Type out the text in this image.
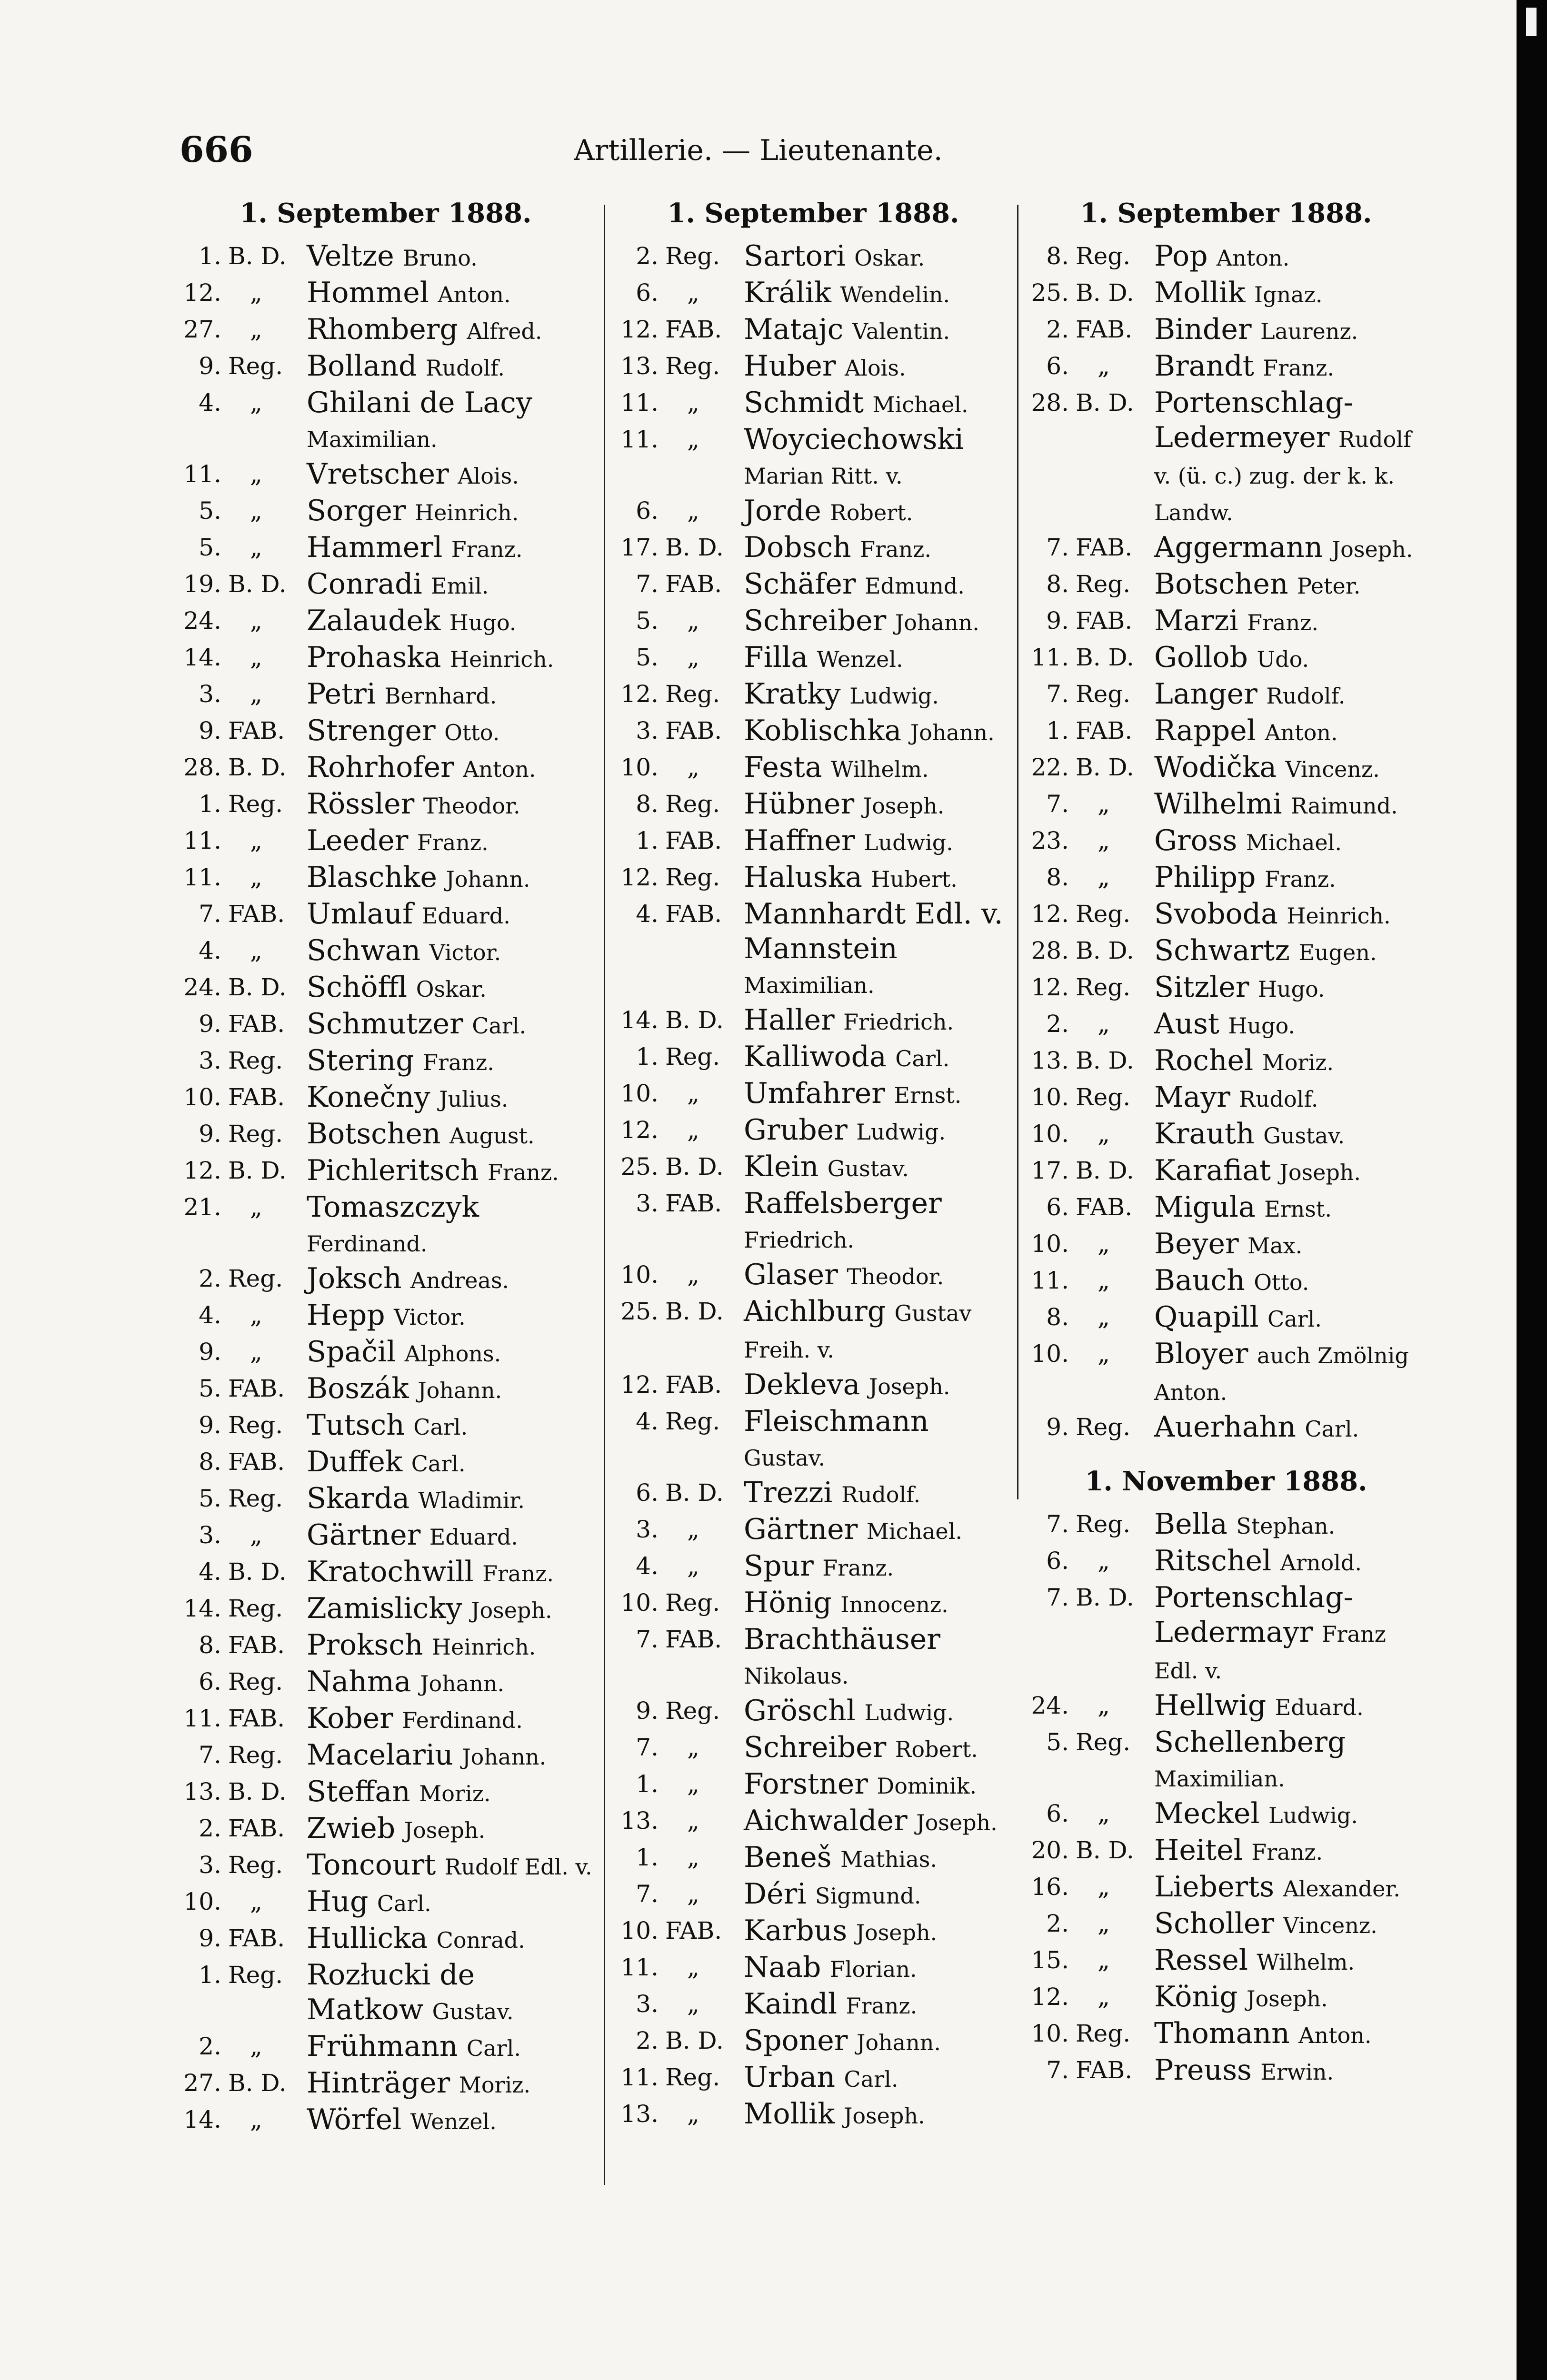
666	Artillerie. — Lieutenante.
1. September 1888.
1. B. D. Veltze Bruno.
12.	„	Hommel Anton.
27.	„	Rhomberg Alfred.
9. Reg. Bolland Rudolf.
4.	„	Ghilani de Lacy Maximilian.
11.	„	Vretscher Alois.
5.	„	Sorger Heinrich.
5.	„	Hammerl Franz.
19. B. D. Conradi Emil.
24.	„	Zalaudek Hugo.
14.	„	Prohaska Heinrich.
3.	„	Petri Bernhard.
9. FAB. Strenger Otto.
28. B. D. Rohrhofer Anton.
1. Reg. Rössler Theodor.
11.	„	Leeder Franz.
11.	„	Blaschke Johann.
7. FAB. Umlauf Eduard.
4.	„	Schwan Victor.
24. B. D. Schöffl Oskar.
9. FAB. Schmutzer Carl.
3. Reg. Stering Franz.
10. FAB. Konečny Julius.
9. Reg. Botschen August.
12. B. D. Pichleritsch Franz.
21.	„	Tomaszczyk Ferdinand.
2. Reg. Joksch Andreas.
4.	„	Hepp Victor.
9.	„	Spačil Alphons.
5. FAB. Boszák Johann.
9. Reg. Tutsch Carl.
8. FAB. Duffek Carl.
5. Reg. Skarda Wladimir.
3.	„	Gärtner Eduard.
4. B. D. Kratochwill Franz.
14. Reg. Zamislicky Joseph.
8. FAB. Proksch Heinrich.
6. Reg. Nahma Johann.
11. FAB. Kober Ferdinand.
7. Reg. Macelariu Johann.
13. B. D. Steffan Moriz.
2. FAB. Zwieb Joseph.
3. Reg. Toncourt Rudolf Edl. v.
10.	„	Hug Carl.
9. FAB. Hullicka Conrad.
1. Reg. Rozłucki de Matkow Gustav.
2.	„	Frühmann Carl.
27. B. D. Hinträger Moriz.
14.	„	Wörfel Wenzel.
1. September 1888.
2. Reg. Sartori Oskar.
6.	„	Králik Wendelin.
12. FAB. Matajc Valentin.
13. Reg. Huber Alois.
11.	„	Schmidt Michael.
11.	„	Woyciechowski Marian Ritt. v.
6.	„	Jorde Robert.
17. B. D. Dobsch Franz.
7. FAB. Schäfer Edmund.
5.	„	Schreiber Johann.
5.	„	Filla Wenzel.
12. Reg. Kratky Ludwig.
3. FAB. Koblischka Johann.
10.	„	Festa Wilhelm.
8. Reg. Hübner Joseph.
1. FAB. Haffner Ludwig.
12. Reg. Haluska Hubert.
4. FAB. Mannhardt Edl. v. Mannstein Maximilian.
14. B. D. Haller Friedrich.
1. Reg. Kalliwoda Carl.
10.	„	Umfahrer Ernst.
12.	„	Gruber Ludwig.
25. B. D. Klein Gustav.
3. FAB. Raffelsberger Friedrich.
10.	„	Glaser Theodor.
25. B. D. Aichlburg Gustav Freih. v.
12. FAB. Dekleva Joseph.
4. Reg. Fleischmann Gustav.
6. B. D. Trezzi Rudolf.
3.	„	Gärtner Michael.
4.	„	Spur Franz.
10. Reg. Hönig Innocenz.
7. FAB. Brachthäuser Nikolaus.
9. Reg. Gröschl Ludwig.
7.	„	Schreiber Robert.
1.	„	Forstner Dominik.
13.	„	Aichwalder Joseph.
1.	„	Beneš Mathias.
7.	„	Déri Sigmund.
10. FAB. Karbus Joseph.
11.	„	Naab Florian.
3.	„	Kaindl Franz.
2. B. D. Sponer Johann.
11. Reg. Urban Carl.
13.	„	Mollik Joseph.
1. September 1888.
8. Reg. Pop Anton.
25. B. D. Mollik Ignaz.
2. FAB. Binder Laurenz.
6.	„	Brandt Franz.
28. B. D. Portenschlag-Ledermeyer Rudolf v. (ü. c.) zug. der k. k. Landw.
7. FAB. Aggermann Joseph.
8. Reg. Botschen Peter.
9. FAB. Marzi Franz.
11. B. D. Gollob Udo.
7. Reg. Langer Rudolf.
1. FAB. Rappel Anton.
22. B. D. Wodička Vincenz.
7.	„	Wilhelmi Raimund.
23.	„	Gross Michael.
8.	„	Philipp Franz.
12. Reg. Svoboda Heinrich.
28. B. D. Schwartz Eugen.
12. Reg. Sitzler Hugo.
2.	„	Aust Hugo.
13. B. D. Rochel Moriz.
10. Reg. Mayr Rudolf.
10.	„	Krauth Gustav.
17. B. D. Karafiat Joseph.
6. FAB. Migula Ernst.
10.	„	Beyer Max.
11.	„	Bauch Otto.
8.	„	Quapill Carl.
10.	„	Bloyer auch Zmölnig Anton.
9. Reg. Auerhahn Carl.
1. November 1888.
7. Reg. Bella Stephan.
6.	„	Ritschel Arnold.
7. B. D. Portenschlag-Ledermayr Franz Edl. v.
24.	„	Hellwig Eduard.
5. Reg. Schellenberg Maximilian.
6.	„	Meckel Ludwig.
20. B. D. Heitel Franz.
16.	„	Lieberts Alexander.
2.	„	Scholler Vincenz.
15.	„	Ressel Wilhelm.
12.	„	König Joseph.
10. Reg. Thomann Anton.
7. FAB. Preuss Erwin.
